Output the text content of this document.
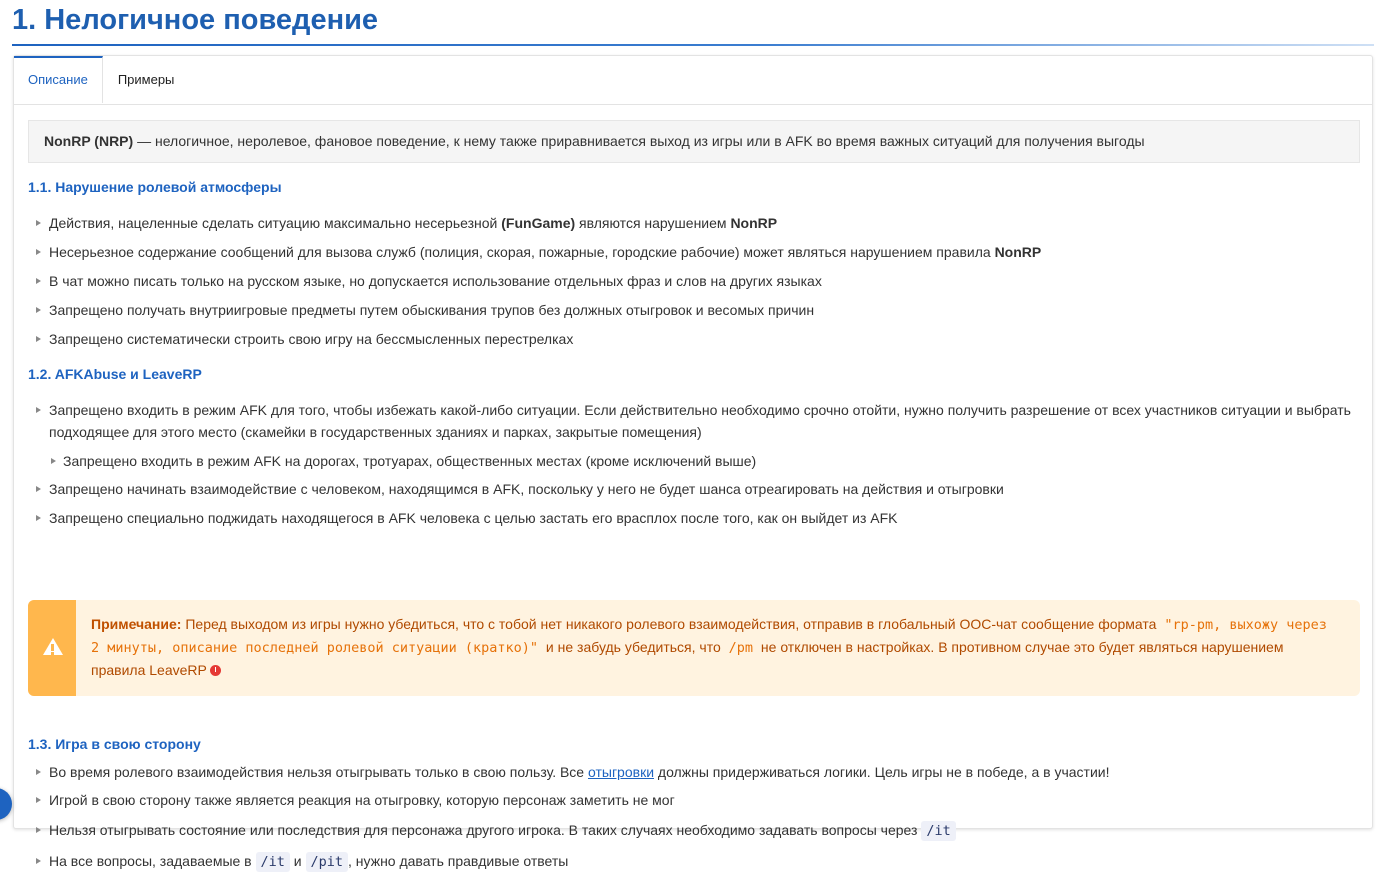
1. Нелогичное поведение
Описание	Примеры
NonRP (NRP) — нелогичное, неролевое, фановое поведение, к нему также приравнивается выход из игры или в AFK во время важных ситуаций для получения выгоды
1.1. Нарушение ролевой атмосферы
Действия, нацеленные сделать ситуацию максимально несерьезной (FunGame) являются нарушением NonRP
Несерьезное содержание сообщений для вызова служб (полиция, скорая, пожарные, городские рабочие) может являться нарушением правила NonRP
В чат можно писать только на русском языке, но допускается использование отдельных фраз и слов на других языках
Запрещено получать внутриигровые предметы путем обыскивания трупов без должных отыгровок и весомых причин
Запрещено систематически строить свою игру на бессмысленных перестрелках
1.2. AFKAbuse и LeaveRP
Запрещено входить в режим AFK для того, чтобы избежать какой-либо ситуации. Если действительно необходимо срочно отойти, нужно получить разрешение от всех участников ситуации и выбрать подходящее для этого место (скамейки в государственных зданиях и парках, закрытые помещения)
Запрещено входить в режим AFK на дорогах, тротуарах, общественных местах (кроме исключений выше)
Запрещено начинать взаимодействие с человеком, находящимся в AFK, поскольку у него не будет шанса отреагировать на действия и отыгровки
Запрещено специально поджидать находящегося в AFK человека с целью застать его врасплох после того, как он выйдет из AFK
Примечание: Перед выходом из игры нужно убедиться, что с тобой нет никакого ролевого взаимодействия, отправив в глобальный OOC-чат сообщение формата "rp-pm, выхожу через 2 минуты, описание последней ролевой ситуации (кратко)" и не забудь убедиться, что /pm не отключен в настройках. В противном случае это будет являться нарушением правила LeaveRP
1.3. Игра в свою сторону
Во время ролевого взаимодействия нельзя отыгрывать только в свою пользу. Все отыгровки должны придерживаться логики. Цель игры не в победе, а в участии!
Игрой в свою сторону также является реакция на отыгровку, которую персонаж заметить не мог
Нельзя отыгрывать состояние или последствия для персонажа другого игрока. В таких случаях необходимо задавать вопросы через /it
На все вопросы, задаваемые в /it и /pit , нужно давать правдивые ответы
